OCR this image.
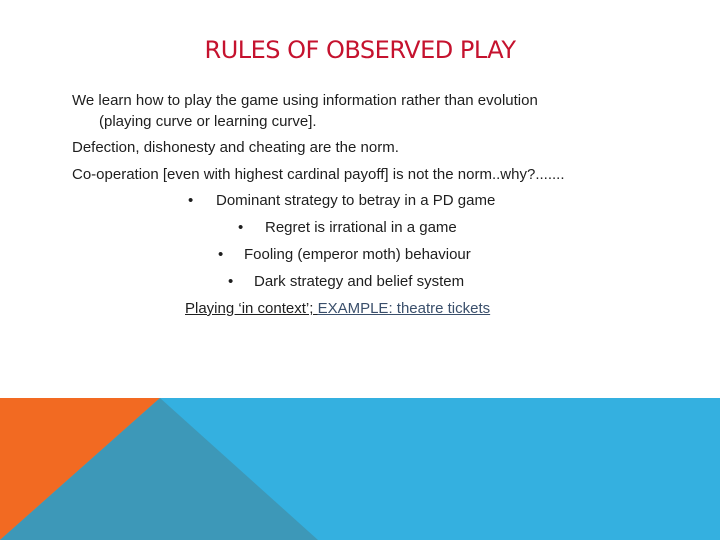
RULES OF OBSERVED PLAY
We learn how to play the game using information rather than evolution
(playing curve or learning curve].
Defection, dishonesty and cheating are the norm.
Co-operation [even with highest cardinal payoff] is not the norm..why?.......
• Dominant strategy to betray in a PD game
• Regret is irrational in a game
• Fooling (emperor moth) behaviour
• Dark strategy and belief system
Playing ‘in context’; EXAMPLE: theatre tickets
